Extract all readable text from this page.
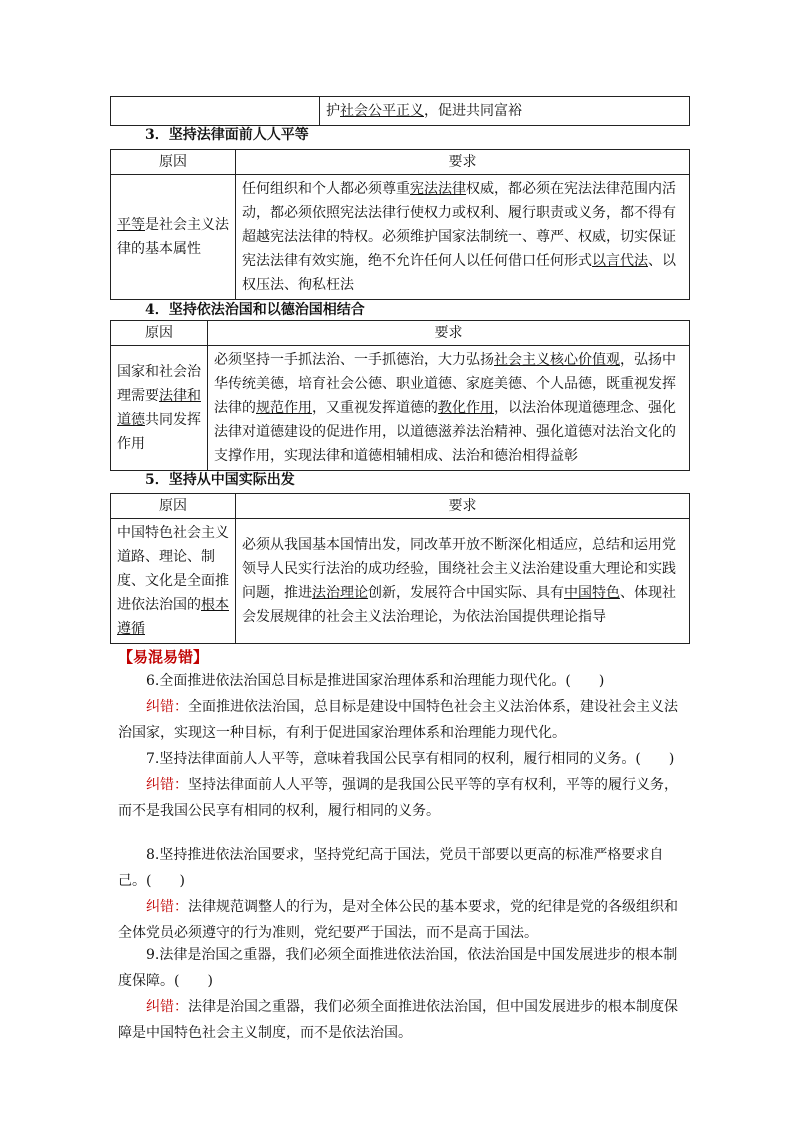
	护社会公平正义，促进共同富裕
3．坚持法律面前人人平等
原因	要求
平等是社会主义法律的基本属性	任何组织和个人都必须尊重宪法法律权威，都必须在宪法法律范围内活动，都必须依照宪法法律行使权力或权利、履行职责或义务，都不得有超越宪法法律的特权。必须维护国家法制统一、尊严、权威，切实保证宪法法律有效实施，绝不允许任何人以任何借口任何形式以言代法、以权压法、徇私枉法
4．坚持依法治国和以德治国相结合
原因	要求
国家和社会治理需要法律和道德共同发挥作用	必须坚持一手抓法治、一手抓德治，大力弘扬社会主义核心价值观，弘扬中华传统美德，培育社会公德、职业道德、家庭美德、个人品德，既重视发挥法律的规范作用，又重视发挥道德的教化作用，以法治体现道德理念、强化法律对道德建设的促进作用，以道德滋养法治精神、强化道德对法治文化的支撑作用，实现法律和道德相辅相成、法治和德治相得益彰
5．坚持从中国实际出发
原因	要求
中国特色社会主义道路、理论、制度、文化是全面推进依法治国的根本遵循	必须从我国基本国情出发，同改革开放不断深化相适应，总结和运用党领导人民实行法治的成功经验，围绕社会主义法治建设重大理论和实践问题，推进法治理论创新，发展符合中国实际、具有中国特色、体现社会发展规律的社会主义法治理论，为依法治国提供理论指导
【易混易错】
6.全面推进依法治国总目标是推进国家治理体系和治理能力现代化。(　　)
纠错：全面推进依法治国，总目标是建设中国特色社会主义法治体系，建设社会主义法治国家，实现这一种目标，有利于促进国家治理体系和治理能力现代化。
7.坚持法律面前人人平等，意味着我国公民享有相同的权利，履行相同的义务。(　　)
纠错：坚持法律面前人人平等，强调的是我国公民平等的享有权利，平等的履行义务，而不是我国公民享有相同的权利，履行相同的义务。
8.坚持推进依法治国要求，坚持党纪高于国法，党员干部要以更高的标准严格要求自己。(　　)
纠错：法律规范调整人的行为，是对全体公民的基本要求，党的纪律是党的各级组织和全体党员必须遵守的行为准则，党纪要严于国法，而不是高于国法。
9.法律是治国之重器，我们必须全面推进依法治国，依法治国是中国发展进步的根本制度保障。(　　)
纠错：法律是治国之重器，我们必须全面推进依法治国，但中国发展进步的根本制度保障是中国特色社会主义制度，而不是依法治国。
